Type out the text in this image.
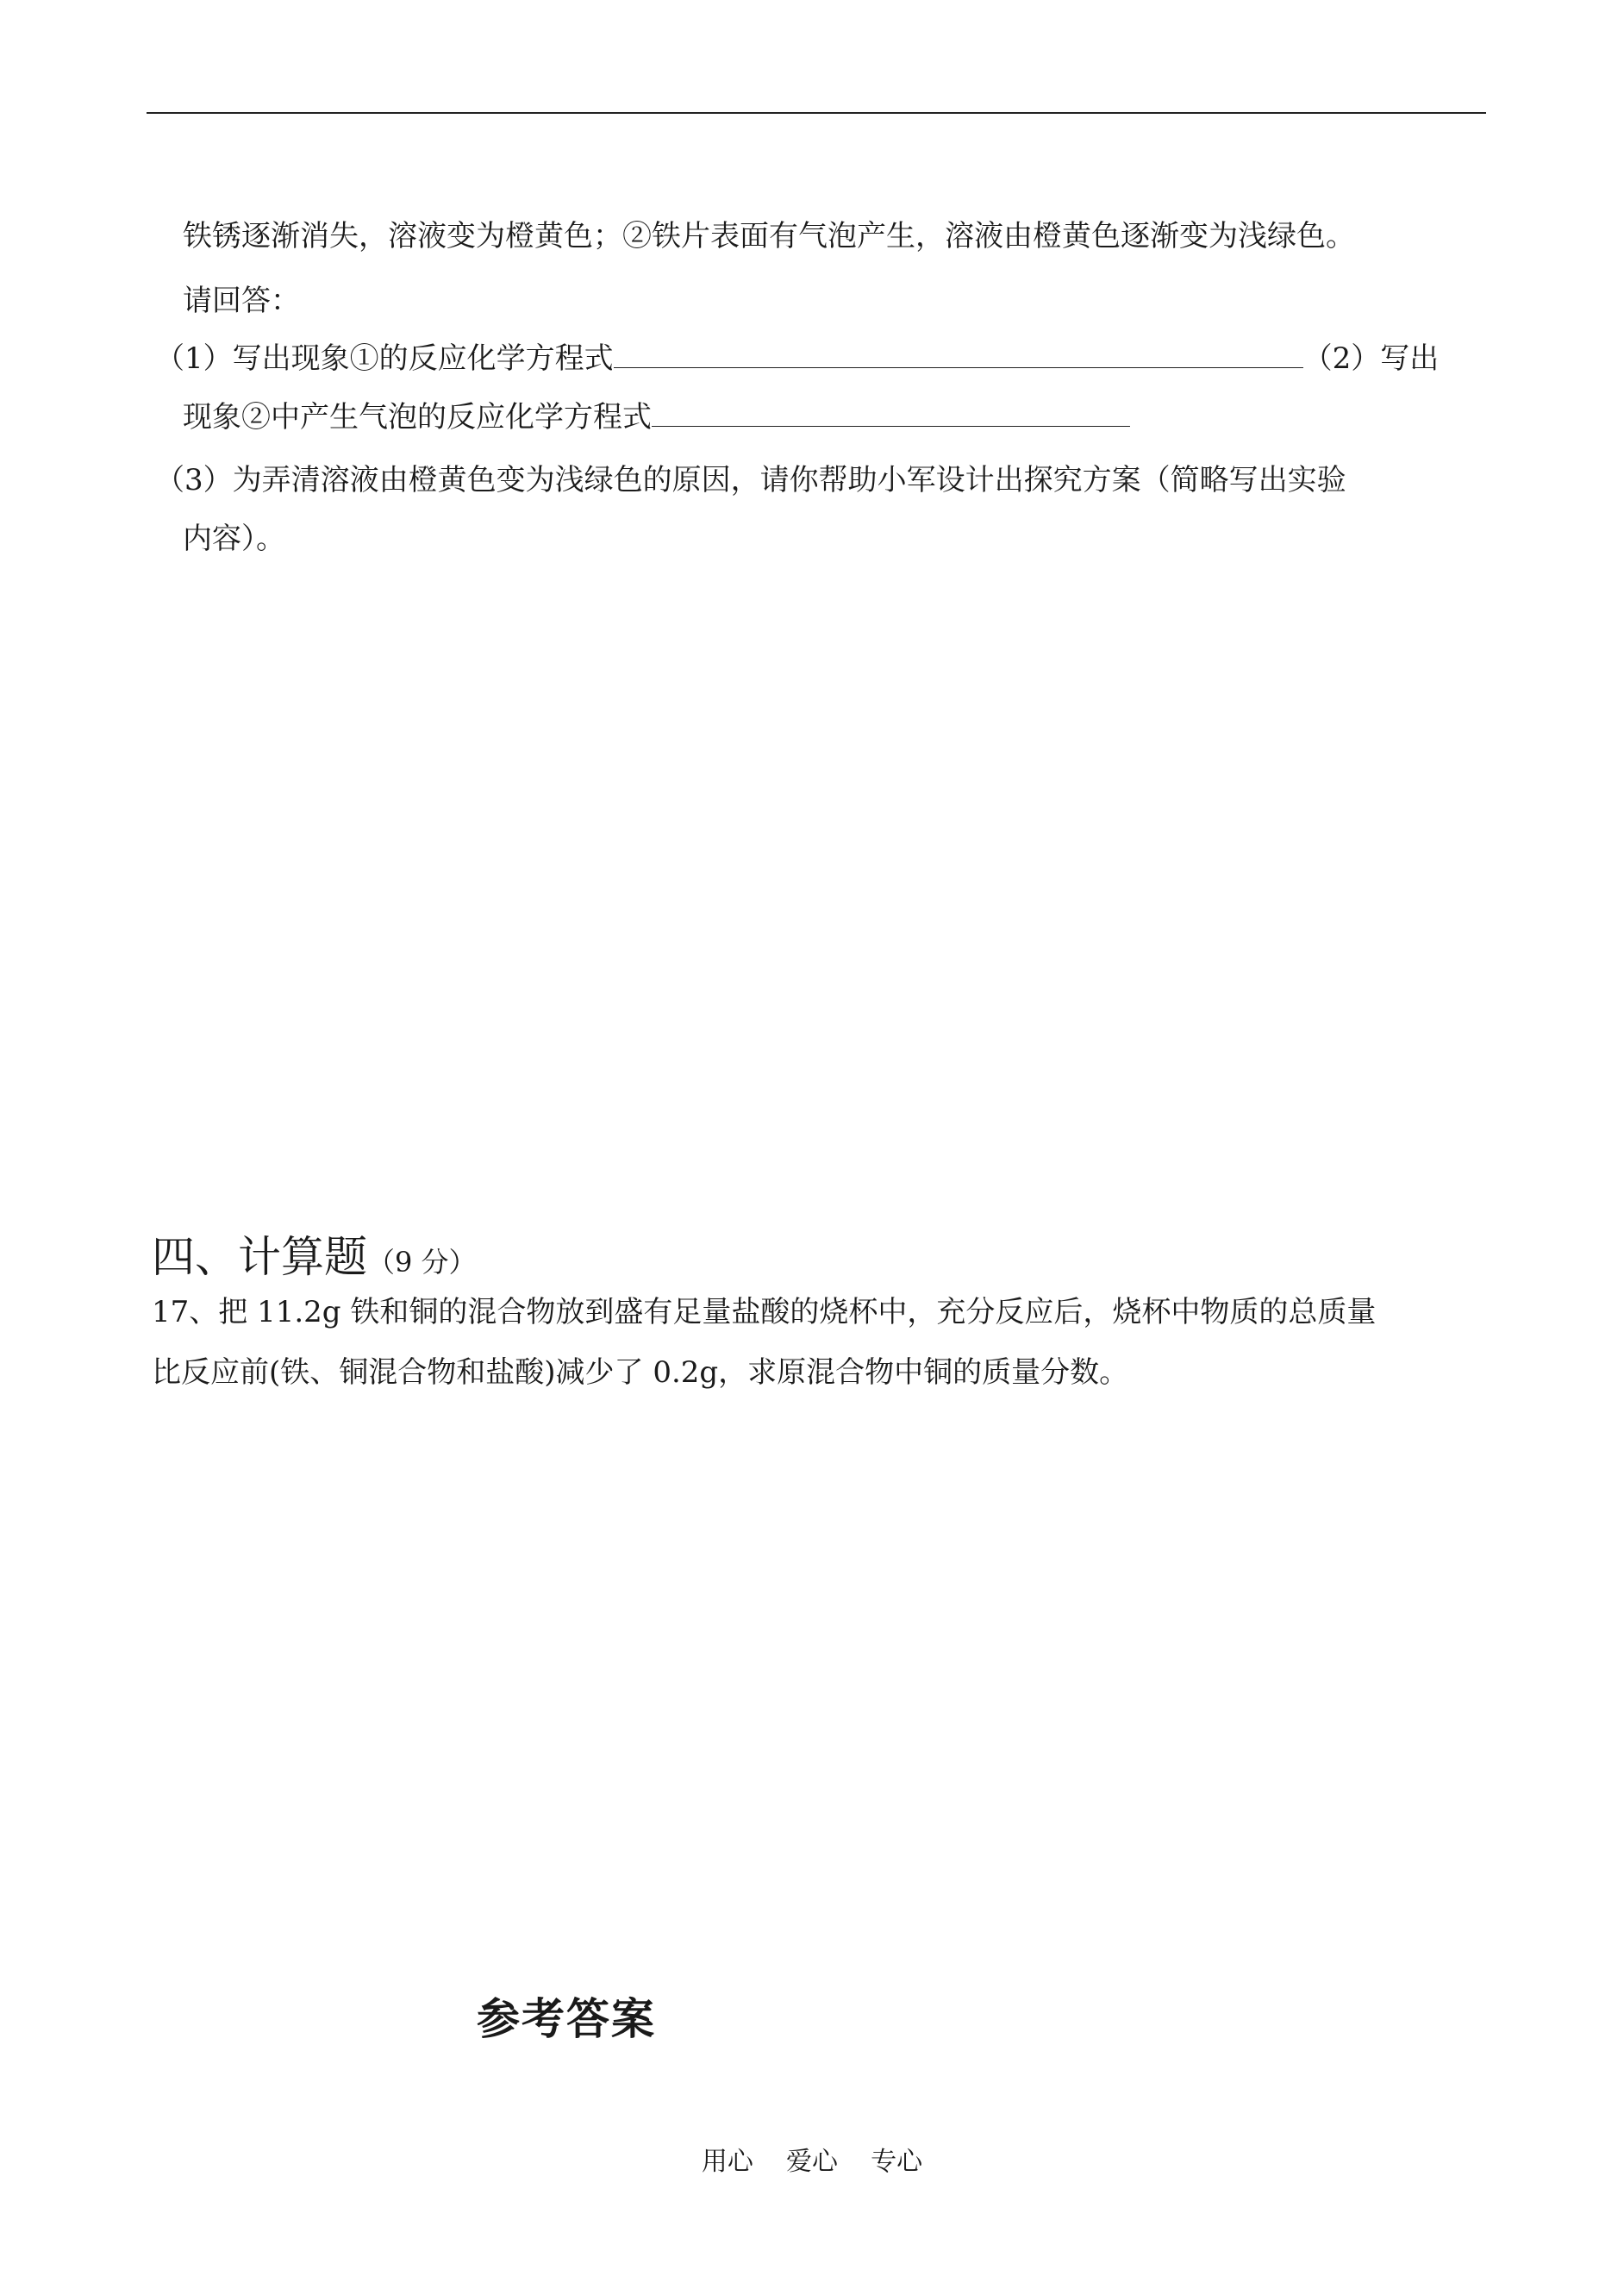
铁锈逐渐消失，溶液变为橙黄色；②铁片表面有气泡产生，溶液由橙黄色逐渐变为浅绿色。
请回答：
（1）写出现象①的反应化学方程式	（2）写出
现象②中产生气泡的反应化学方程式
（3）为弄清溶液由橙黄色变为浅绿色的原因，请你帮助小军设计出探究方案（简略写出实验
内容）。
四、计算题（9 分）
17、把 11.2g 铁和铜的混合物放到盛有足量盐酸的烧杯中，充分反应后，烧杯中物质的总质量
比反应前(铁、铜混合物和盐酸)减少了 0.2g，求原混合物中铜的质量分数。
参考答案
用心    爱心    专心
